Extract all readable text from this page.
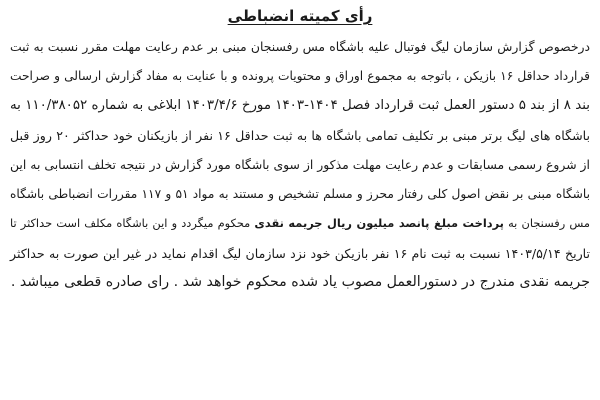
رأی کمیته انضباطی
درخصوص گزارش سازمان لیگ فوتبال علیه باشگاه مس رفسنجان مبنی بر عدم رعایت مهلت مقرر نسبت به ثبت
قرارداد حداقل ۱۶ بازیکن ، باتوجه به مجموع اوراق و محتویات پرونده و با عنایت به مفاد گزارش ارسالی و صراحت
بند ۸ از بند ۵ دستور العمل ثبت قرارداد فصل ۱۴۰۴-۱۴۰۳ مورخ ۱۴۰۳/۴/۶ ابلاغی به شماره ۱۱۰/۳۸۰۵۲ به
باشگاه های لیگ برتر مبنی بر تکلیف تمامی باشگاه ها به ثبت حداقل ۱۶ نفر از بازیکنان خود حداکثر ۲۰ روز قبل
از شروع رسمی مسابقات و عدم رعایت مهلت مذکور از سوی باشگاه مورد گزارش در نتیجه تخلف انتسابی به این
باشگاه مبنی بر نقض اصول کلی رفتار محرز و مسلم تشخیص و مستند به مواد ۵۱ و ۱۱۷ مقررات انضباطی باشگاه
مس رفسنجان به پرداخت مبلغ پانصد میلیون ریال جریمه نقدی محکوم میگردد و این باشگاه مکلف است حداکثر تا
تاریخ ۱۴۰۳/۵/۱۴ نسبت به ثبت نام ۱۶ نفر بازیکن خود نزد سازمان لیگ اقدام نماید در غیر این صورت به حداکثر
جریمه نقدی مندرج در دستورالعمل مصوب یاد شده محکوم خواهد شد . رای صادره قطعی میباشد .
